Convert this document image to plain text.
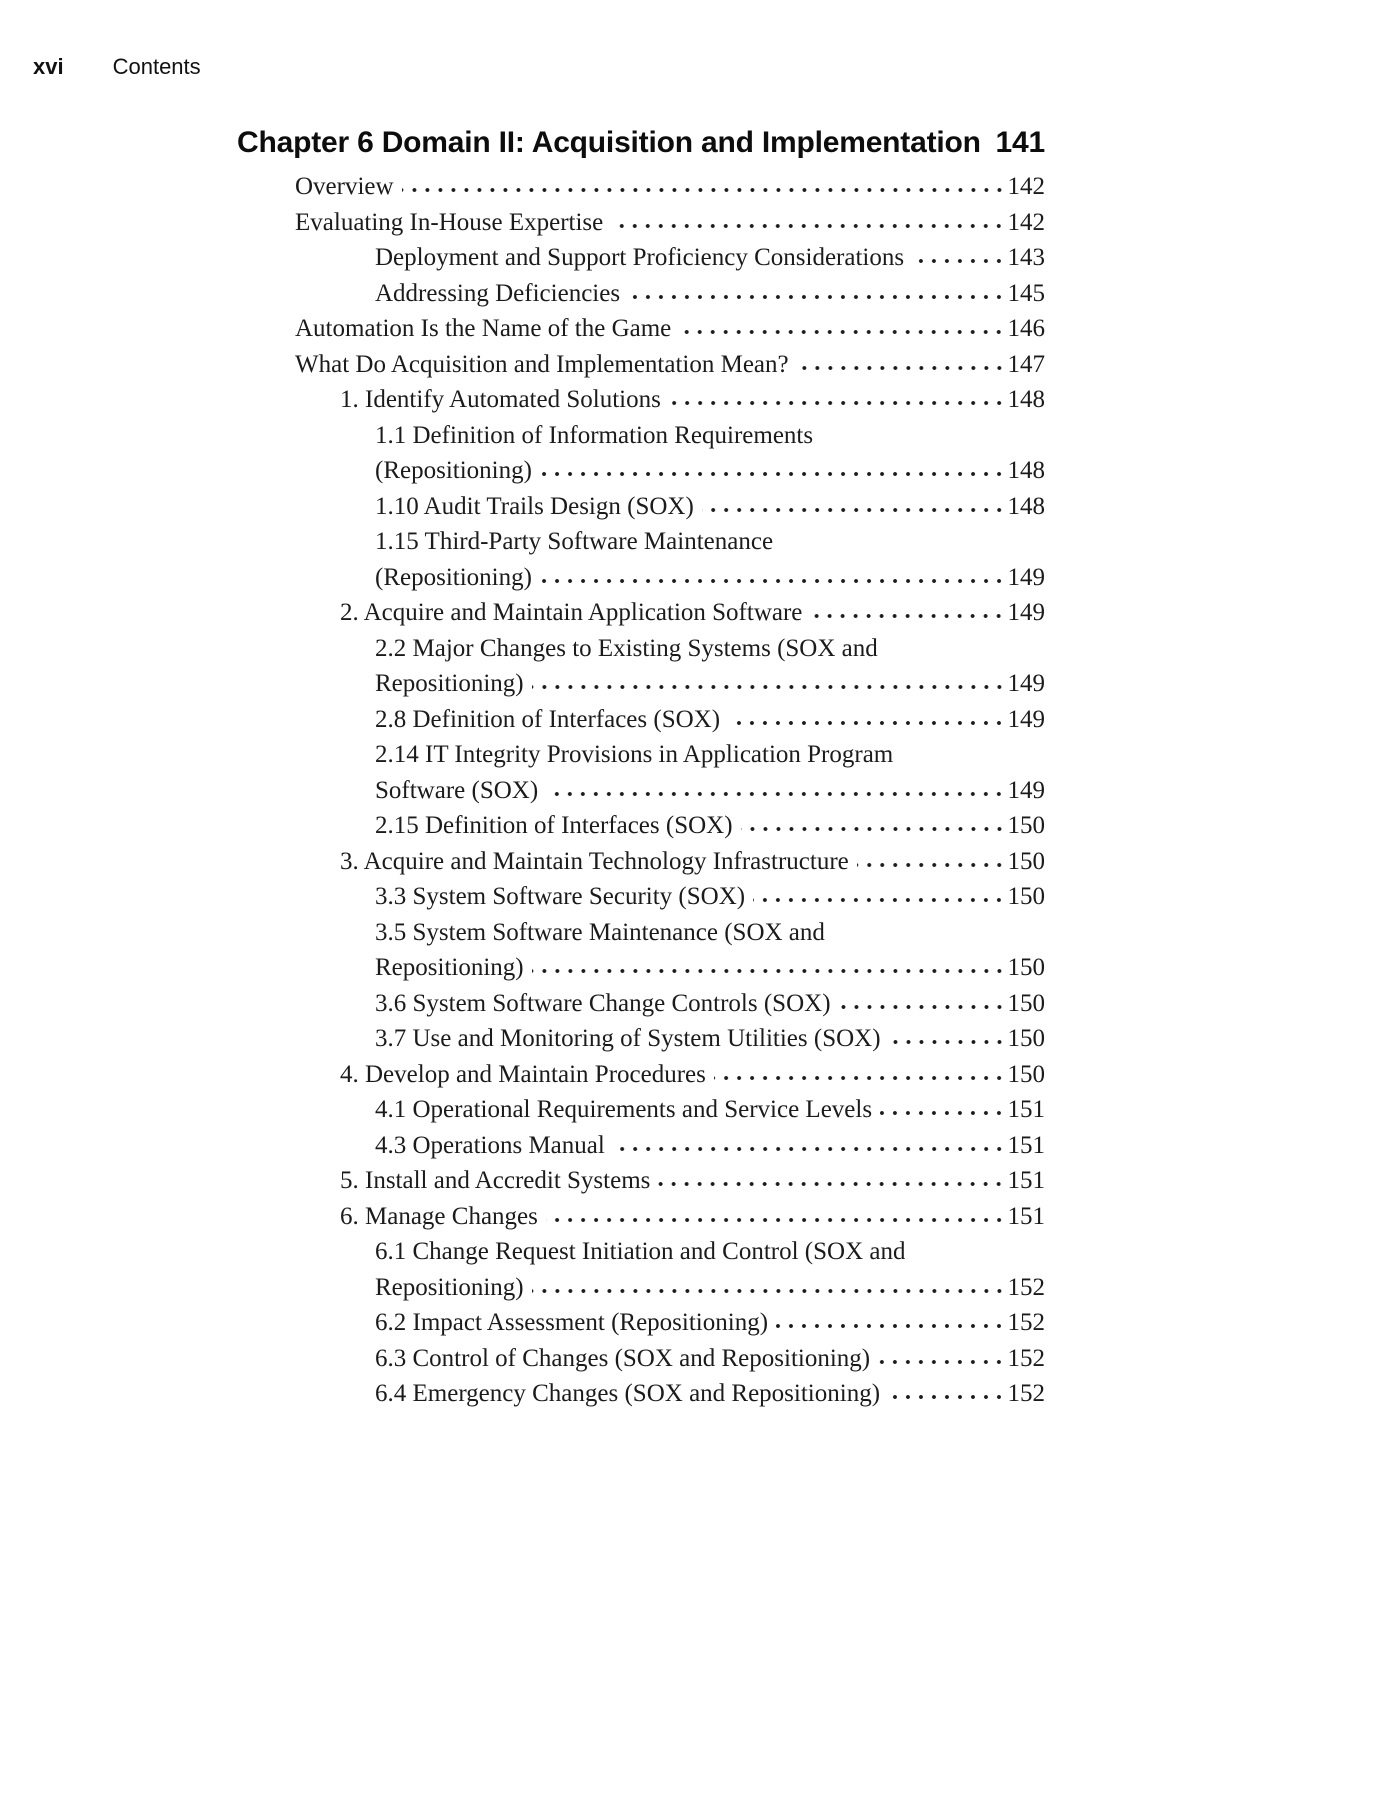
xvi Contents
Chapter 6 Domain II: Acquisition and Implementation 141
Overview	142
Evaluating In-House Expertise	142
Deployment and Support Proficiency Considerations	143
Addressing Deficiencies	145
Automation Is the Name of the Game	146
What Do Acquisition and Implementation Mean?	147
1. Identify Automated Solutions	148
1.1 Definition of Information Requirements
(Repositioning)	148
1.10 Audit Trails Design (SOX)	148
1.15 Third-Party Software Maintenance
(Repositioning)	149
2. Acquire and Maintain Application Software	149
2.2 Major Changes to Existing Systems (SOX and
Repositioning)	149
2.8 Definition of Interfaces (SOX)	149
2.14 IT Integrity Provisions in Application Program
Software (SOX)	149
2.15 Definition of Interfaces (SOX)	150
3. Acquire and Maintain Technology Infrastructure	150
3.3 System Software Security (SOX)	150
3.5 System Software Maintenance (SOX and
Repositioning)	150
3.6 System Software Change Controls (SOX)	150
3.7 Use and Monitoring of System Utilities (SOX)	150
4. Develop and Maintain Procedures	150
4.1 Operational Requirements and Service Levels	151
4.3 Operations Manual	151
5. Install and Accredit Systems	151
6. Manage Changes	151
6.1 Change Request Initiation and Control (SOX and
Repositioning)	152
6.2 Impact Assessment (Repositioning)	152
6.3 Control of Changes (SOX and Repositioning)	152
6.4 Emergency Changes (SOX and Repositioning)	152
